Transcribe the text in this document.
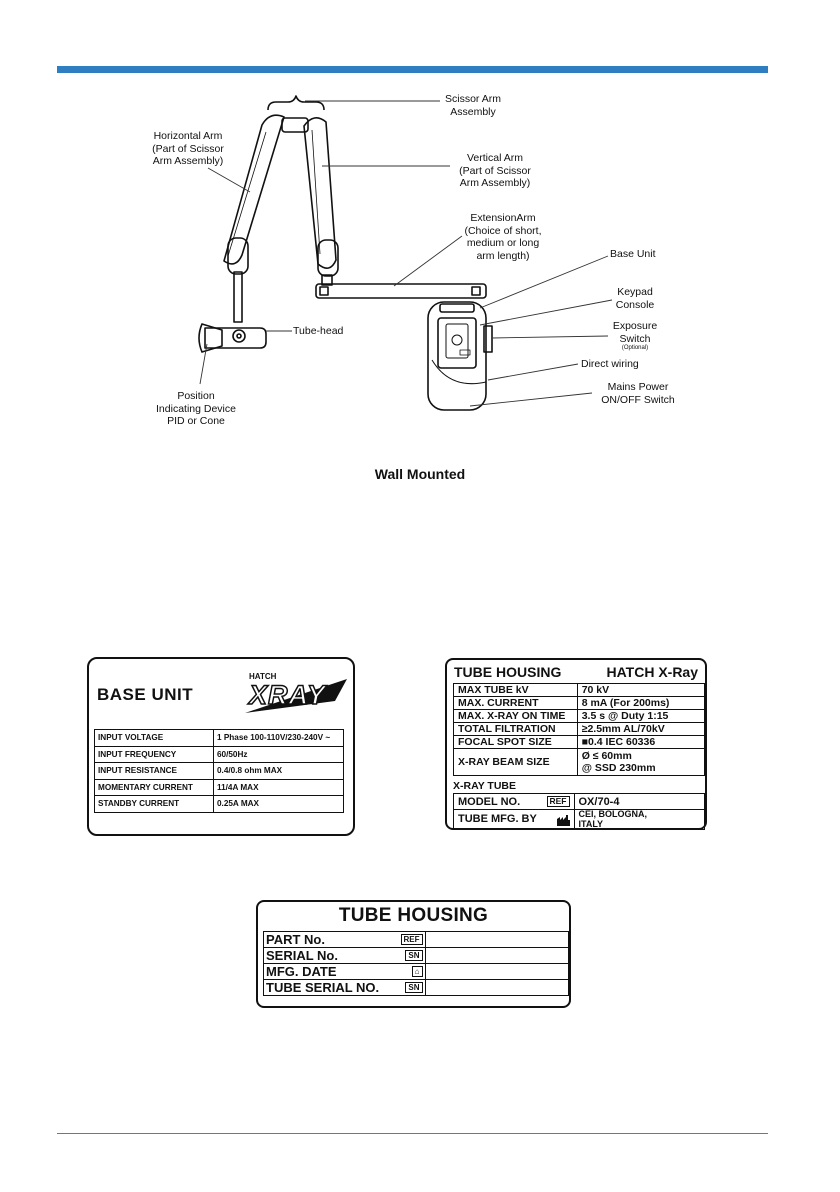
Scissor Arm
Assembly
Horizontal Arm
(Part of Scissor
Arm Assembly)	Vertical Arm
(Part of Scissor
Arm Assembly)
ExtensionArm
(Choice of short,
medium or long
arm length)	Base Unit
Keypad
Console
Exposure
Switch
(Optional)
Direct wiring
Mains Power
ON/OFF Switch
Tube-head
Position
Indicating Device
PID or Cone
Wall Mounted
BASE UNIT
HATCH
XRAY
INPUT VOLTAGE	1 Phase 100-110V/230-240V ~
INPUT FREQUENCY	60/50Hz
INPUT RESISTANCE	0.4/0.8 ohm MAX
MOMENTARY CURRENT	11/4A MAX
STANDBY CURRENT	0.25A MAX
TUBE HOUSING	HATCH X-Ray
MAX TUBE kV	70 kV
MAX. CURRENT	8 mA (For 200ms)
MAX. X-RAY ON TIME	3.5 s @ Duty 1:15
TOTAL FILTRATION	≥2.5mm AL/70kV
FOCAL SPOT SIZE	■0.4 IEC 60336
X-RAY BEAM SIZE	Ø ≤ 60mm
@ SSD 230mm
X-RAY TUBE
MODEL NO. REF	OX/70-4
TUBE MFG. BY	CEI, BOLOGNA,
ITALY
TUBE HOUSING
PART No. REF	

SERIAL No. SN	

MFG. DATE ⌂	

TUBE SERIAL NO. SN	
